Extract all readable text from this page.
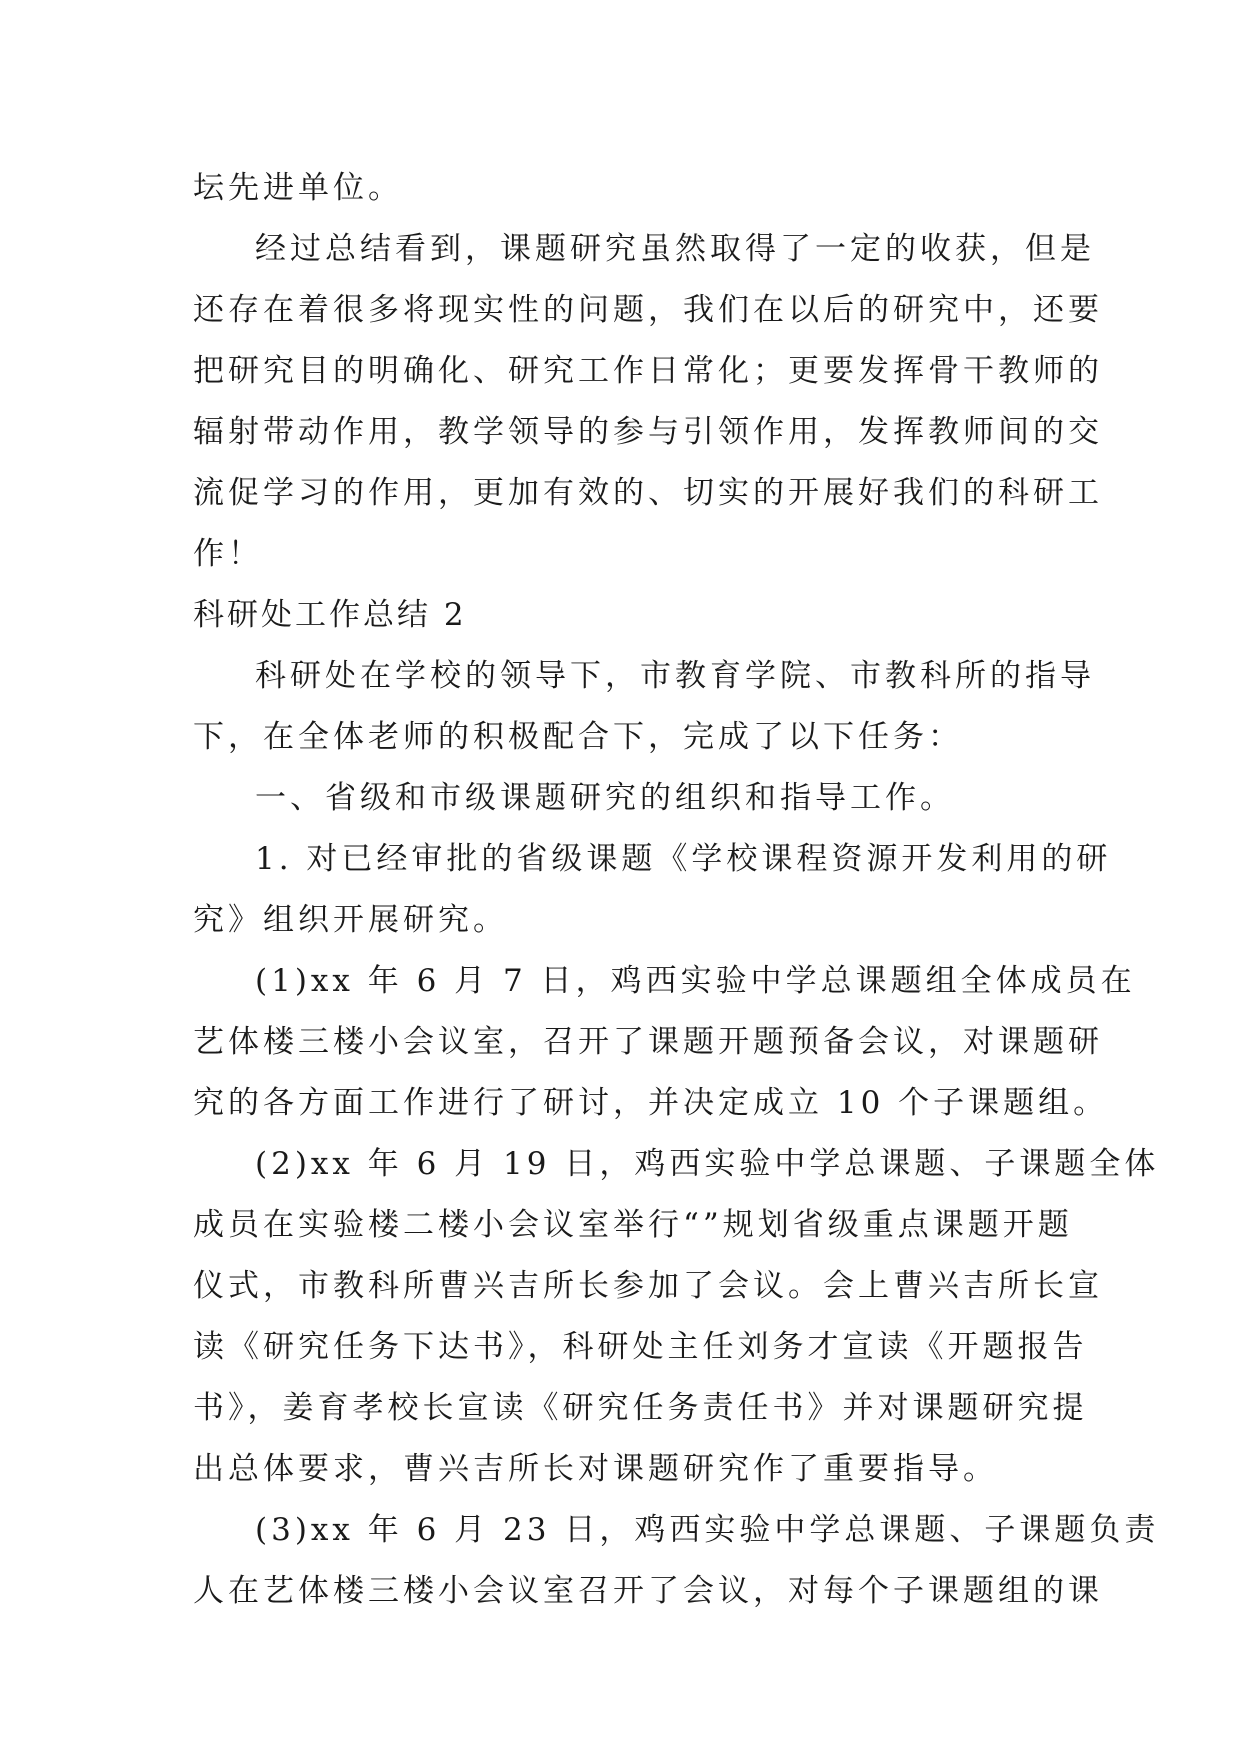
坛先进单位。
经过总结看到，课题研究虽然取得了一定的收获，但是
还存在着很多将现实性的问题，我们在以后的研究中，还要
把研究目的明确化、研究工作日常化；更要发挥骨干教师的
辐射带动作用，教学领导的参与引领作用，发挥教师间的交
流促学习的作用，更加有效的、切实的开展好我们的科研工
作！
科研处工作总结 2
科研处在学校的领导下，市教育学院、市教科所的指导
下，在全体老师的积极配合下，完成了以下任务：
一、省级和市级课题研究的组织和指导工作。
1. 对已经审批的省级课题《学校课程资源开发利用的研
究》组织开展研究。
(1)xx 年 6 月 7 日，鸡西实验中学总课题组全体成员在
艺体楼三楼小会议室，召开了课题开题预备会议，对课题研
究的各方面工作进行了研讨，并决定成立 10 个子课题组。
(2)xx 年 6 月 19 日，鸡西实验中学总课题、子课题全体
成员在实验楼二楼小会议室举行“”规划省级重点课题开题
仪式，市教科所曹兴吉所长参加了会议。会上曹兴吉所长宣
读《研究任务下达书》，科研处主任刘务才宣读《开题报告
书》，姜育孝校长宣读《研究任务责任书》并对课题研究提
出总体要求，曹兴吉所长对课题研究作了重要指导。
(3)xx 年 6 月 23 日，鸡西实验中学总课题、子课题负责
人在艺体楼三楼小会议室召开了会议，对每个子课题组的课
